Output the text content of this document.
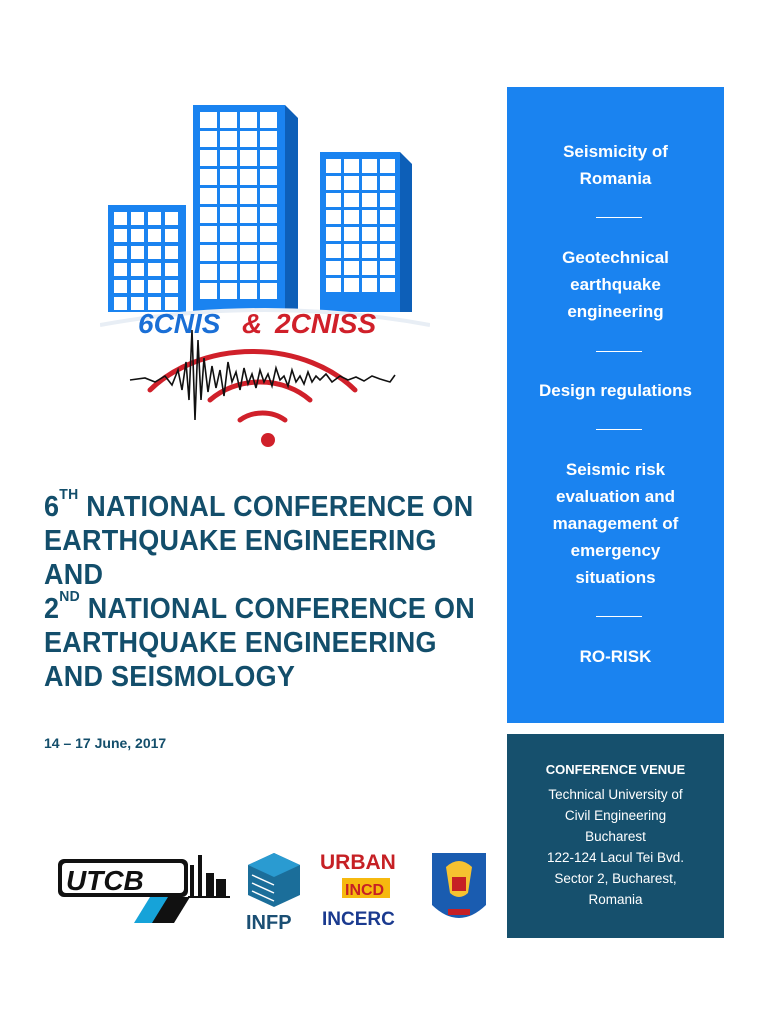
6CNIS & 2CNISS
6TH NATIONAL CONFERENCE ON
EARTHQUAKE ENGINEERING
AND
2ND NATIONAL CONFERENCE ON
EARTHQUAKE ENGINEERING
AND SEISMOLOGY
14 – 17 June, 2017
Seismicity of
Romania
Geotechnical
earthquake
engineering
Design regulations
Seismic risk
evaluation and
management of
emergency
situations
RO-RISK
CONFERENCE VENUE
Technical University of
Civil Engineering
Bucharest
122-124 Lacul Tei Bvd.
Sector 2, Bucharest,
Romania
UTCB
INFP
URBAN
INCD
INCERC
